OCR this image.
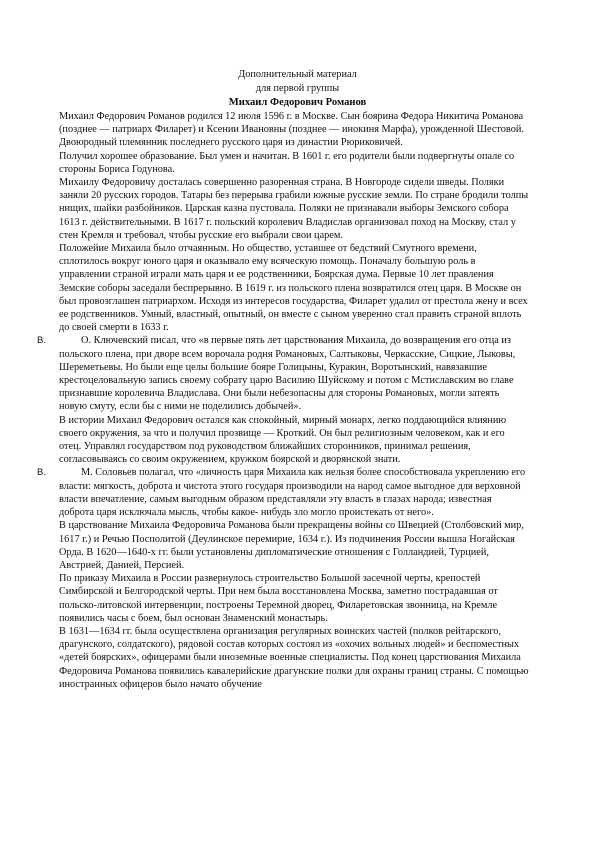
Дополнительный материал
для первой группы
Михаил Федорович Романов

Михаил Федорович Романов родился 12 июля 1596 г. в Москве. Сын боярина Федора Никитича Романова (позднее — патриарх Филарет) и Ксении Ивановны (позднее — инокиня Марфа), урожденной Шестовой. Двоюродный племянник последнего русского царя из династии Рюриковичей.

Получил хорошее образование. Был умен и начитан. В 1601 г. его родители были подвергнуты опале со стороны Бориса Годунова.

Михаилу Федоровичу досталась совершенно разоренная страна. В Новгороде сидели шведы. Поляки заняли 20 русских городов. Татары без перерыва грабили южные русские земли. По стране бродили толпы нищих, шайки разбойников. Царская казна пустовала. Поляки не признавали выборы Земского собора 1613 г. действительными. В 1617 г. польский королевич Владислав организовал поход на Москву, стал у стен Кремля и требовал, чтобы русские его выбрали свои царем.

Положейие Михаила было отчаянным. Но общество, уставшее от бедствий Смутного времени, сплотилось вокруг юного царя и оказывало ему всяческую помощь. Поначалу большую роль в управлении страной играли мать царя и ее родственники, Боярская дума. Первые 10 лет правления Земские соборы заседали беспрерывно. В 1619 г. из польского плена возвратился отец царя. В Москве он был провозглашен патриархом. Исходя из интересов государства, Филарет удалил от престола жену и всех ее родственников. Умный, властный, опытный, он вместе с сыном уверенно стал править страной вплоть до своей смерти в 1633 г.

В.	О. Ключевский писал, что «в первые пять лет царствования Михаила, до возвращения его отца из польского плена, при дворе всем ворочала родня Романовых, Салтыковы, Черкасские, Сицкие, Лыковы, Шереметьевы. Но были еще целы большие бояре Голицыны, Куракин, Воротынский, навязавшие крестоцеловальную запись своему собрату царю Василию Шуйскому и потом с Мстиславским во главе признавшие королевича Владислава. Они были небезопасны для стороны Романовых, могли затеять новую смуту, если бы с ними не поделились добычей».

В истории Михаил Федорович остался как спокойный, мирный монарх, легко поддающийся влиянию своего окружения, за что и получил прозвище — Кроткий. Он был религиозным человеком, как и его отец. Управлял государством под руководством ближайших сторонников, принимал решения, согласовываясь со своим окружением, кружком боярской и дворянской знати.

В.	М. Соловьев полагал, что «личность царя Михаила как нельзя более способствовала укреплению его власти: мягкость, доброта и чистота этого государя производили на народ самое выгодное для верховной власти впечатление, самым выгодным образом представляли эту власть в глазах народа; известная доброта царя исключала мысль, чтобы какое- нибудь зло могло проистекать от него».

В царствование Михаила Федоровича Романова были прекращены войны со Швецией (Столбовский мир, 1617 г.) и Речью Посполитой (Деулинское перемирие, 1634 г.). Из подчинения России вышла Ногайская Орда. В 1620—1640-х гг. были установлены дипломатические отношения с Голландией, Турцией, Австрией, Данией, Персией.

По приказу Михаила в России развернулось строительство Большой засечной черты, крепостей Симбирской и Белгородской черты. При нем была восстановлена Москва, заметно пострадавшая от польско-литовской интервенции, построены Теремной дворец, Филаретовская звонница, на Кремле появились часы с боем, был основан Знаменский монастырь.

В 1631—1634 гг. была осуществлена организация регулярных воинских частей (полков рейтарского, драгунского, солдатского), рядовой состав которых состоял из «охочих вольных людей» и беспоместных «детей боярских», офицерами были иноземные военные специалисты. Под конец царствования Михаила Федоровича Романова появились кавалерийские драгунские полки для охраны границ страны. С помощью иностранных офицеров было начато обучение
